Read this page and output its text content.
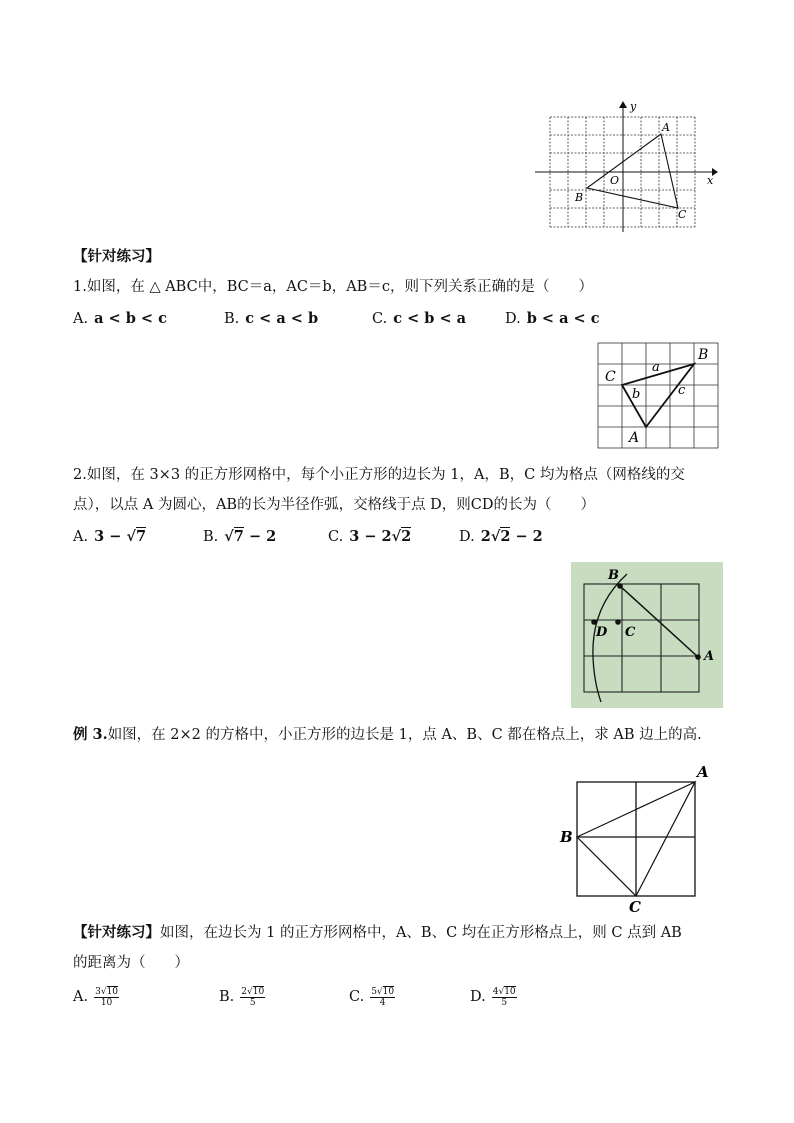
y
x
O
A
B
C
【针对练习】
1.如图，在 △ ABC中，BC＝a，AC＝b，AB＝c，则下列关系正确的是（　　）
A. a < b < c	B. c < a < b	C. c < b < a	D. b < a < c
B
C
A
a
b	c
2.如图，在 3×3 的正方形网格中，每个小正方形的边长为 1，A，B，C 均为格点（网格线的交
点），以点 A 为圆心，AB的长为半径作弧，交格线于点 D，则CD的长为（　　）
A. 3 − √7	B. √7 − 2	C. 3 − 2√2	D. 2√2 − 2
B
D C
A
例 3.如图，在 2×2 的方格中，小正方形的边长是 1，点 A、B、C 都在格点上，求 AB 边上的高.
A
B
C
【针对练习】如图，在边长为 1 的正方形网格中，A、B、C 均在正方形格点上，则 C 点到 AB
的距离为（　　）
A. $\frac{3√10}{10}$	B. $\frac{2√10}{5}$	C. $\frac{5√10}{4}$	D. $\frac{4√10}{5}$
